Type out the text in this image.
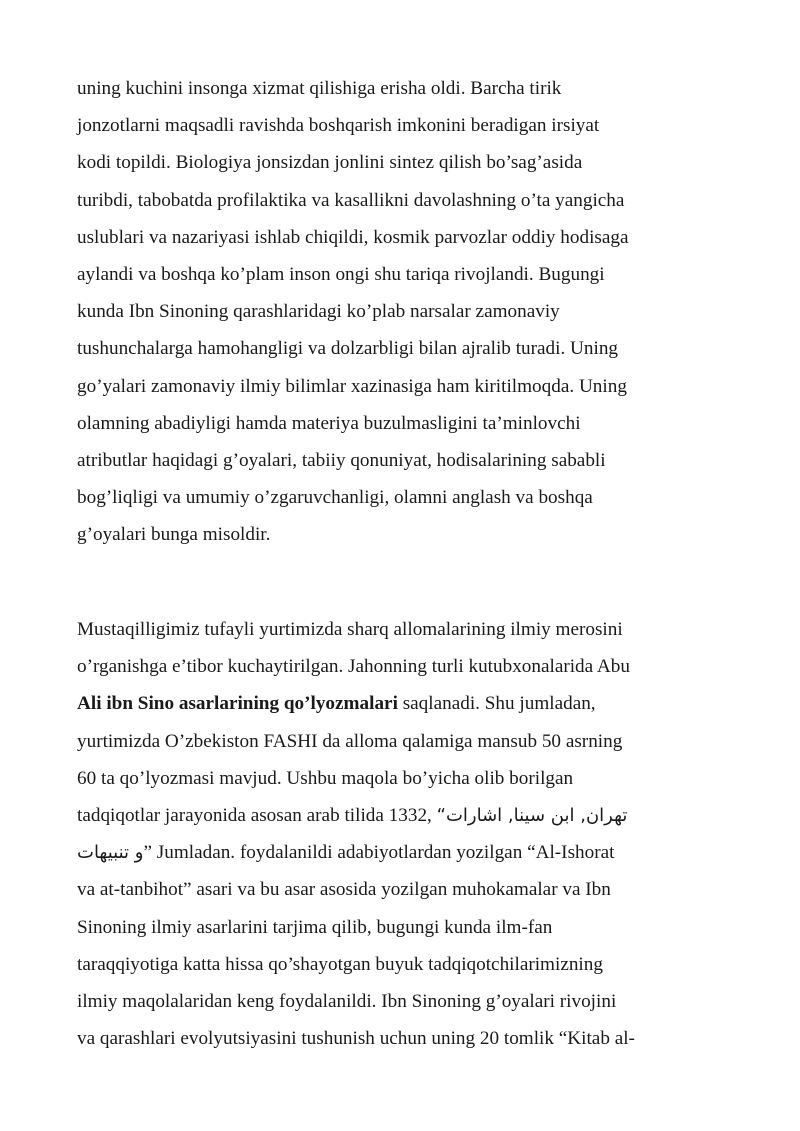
uning kuchini insonga xizmat qilishiga erisha oldi. Barcha tirik
jonzotlarni maqsadli ravishda boshqarish imkonini beradigan irsiyat
kodi topildi. Biologiya jonsizdan jonlini sintez qilish bo’sag’asida
turibdi, tabobatda profilaktika va kasallikni davolashning o’ta yangicha
uslublari va nazariyasi ishlab chiqildi, kosmik parvozlar oddiy hodisaga
aylandi va boshqa ko’plam inson ongi shu tariqa rivojlandi. Bugungi
kunda Ibn Sinoning qarashlaridagi ko’plab narsalar zamonaviy
tushunchalarga hamohangligi va dolzarbligi bilan ajralib turadi. Uning
go’yalari zamonaviy ilmiy bilimlar xazinasiga ham kiritilmoqda. Uning
olamning abadiyligi hamda materiya buzulmasligini ta’minlovchi
atributlar haqidagi g’oyalari, tabiiy qonuniyat, hodisalarining sababli
bog’liqligi va umumiy o’zgaruvchanligi, olamni anglash va boshqa
g’oyalari bunga misoldir.
Mustaqilligimiz tufayli yurtimizda sharq allomalarining ilmiy merosini
o’rganishga e’tibor kuchaytirilgan. Jahonning turli kutubxonalarida Abu
Ali ibn Sino asarlarining qo’lyozmalari saqlanadi. Shu jumladan,
yurtimizda O’zbekiston FASHI da alloma qalamiga mansub 50 asrning
60 ta qo’lyozmasi mavjud. Ushbu maqola bo’yicha olib borilgan
tadqiqotlar jarayonida asosan arab tilida 1332, تهران, ابن سینا, اشارات“
و تنبیهات” Jumladan. foydalanildi adabiyotlardan yozilgan “Al-Ishorat
va at-tanbihot” asari va bu asar asosida yozilgan muhokamalar va Ibn
Sinoning ilmiy asarlarini tarjima qilib, bugungi kunda ilm-fan
taraqqiyotiga katta hissa qo’shayotgan buyuk tadqiqotchilarimizning
ilmiy maqolalaridan keng foydalanildi. Ibn Sinoning g’oyalari rivojini
va qarashlari evolyutsiyasini tushunish uchun uning 20 tomlik “Kitab al-
